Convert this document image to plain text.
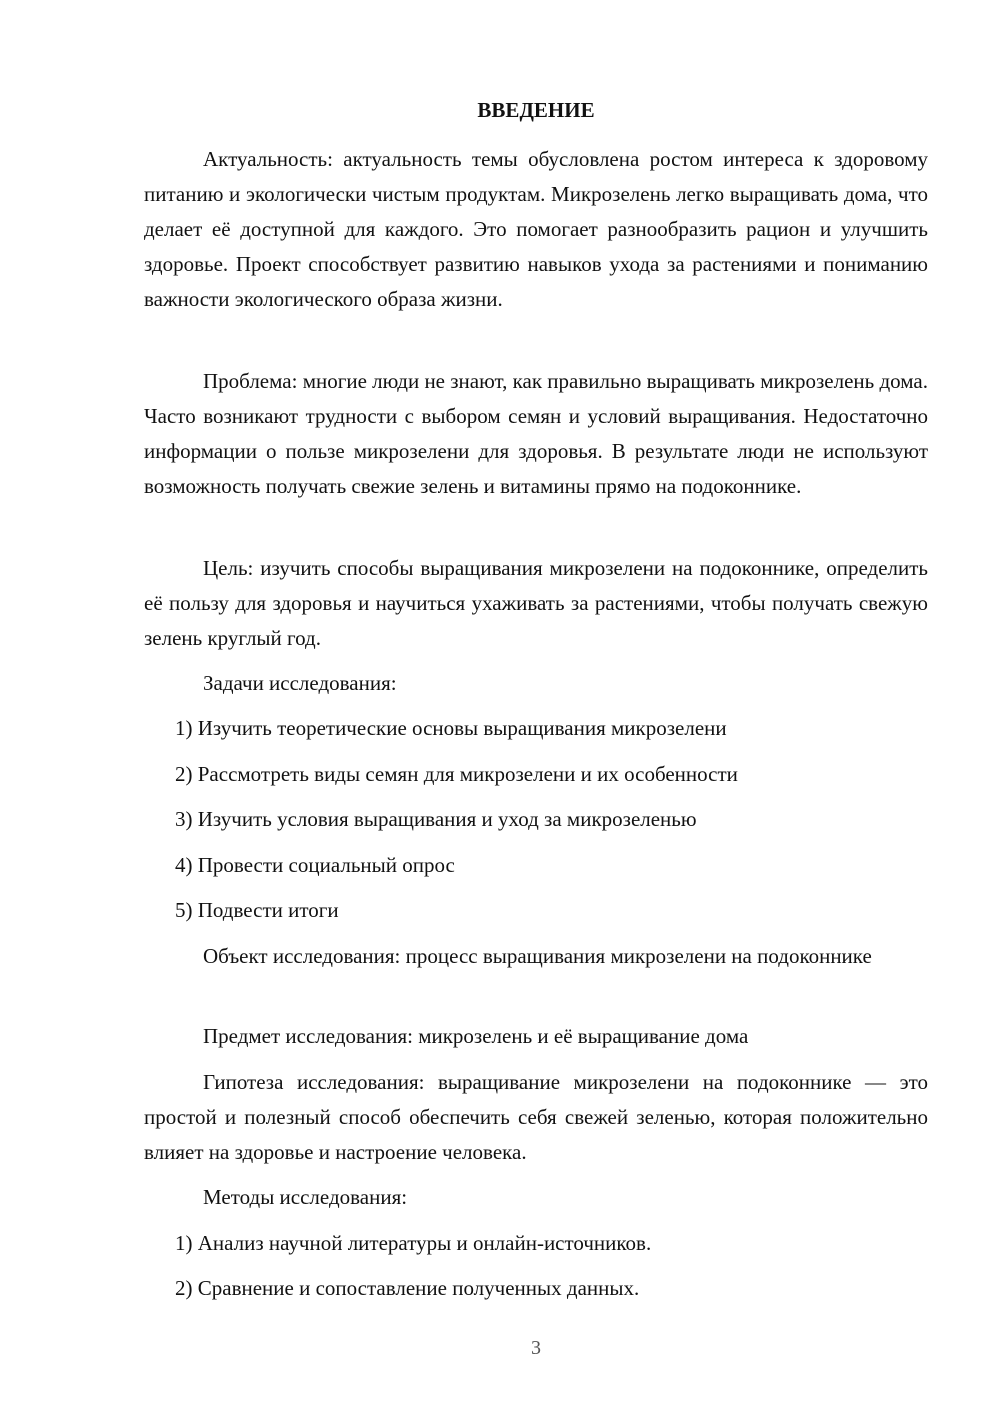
ВВЕДЕНИЕ

Актуальность: актуальность темы обусловлена ростом интереса к здоровому питанию и экологически чистым продуктам. Микрозелень легко выращивать дома, что делает её доступной для каждого. Это помогает разнообразить рацион и улучшить здоровье. Проект способствует развитию навыков ухода за растениями и пониманию важности экологического образа жизни.

Проблема: многие люди не знают, как правильно выращивать микрозелень дома. Часто возникают трудности с выбором семян и условий выращивания. Недостаточно информации о пользе микрозелени для здоровья. В результате люди не используют возможность получать свежие зелень и витамины прямо на подоконнике.

Цель: изучить способы выращивания микрозелени на подоконнике, определить её пользу для здоровья и научиться ухаживать за растениями, чтобы получать свежую зелень круглый год.

Задачи исследования:

1) Изучить теоретические основы выращивания микрозелени

2) Рассмотреть виды семян для микрозелени и их особенности

3) Изучить условия выращивания и уход за микрозеленью

4) Провести социальный опрос

5) Подвести итоги

Объект исследования: процесс выращивания микрозелени на подоконнике

Предмет исследования: микрозелень и её выращивание дома

Гипотеза исследования: выращивание микрозелени на подоконнике — это простой и полезный способ обеспечить себя свежей зеленью, которая положительно влияет на здоровье и настроение человека.

Методы исследования:

1) Анализ научной литературы и онлайн-источников.

2) Сравнение и сопоставление полученных данных.

3
